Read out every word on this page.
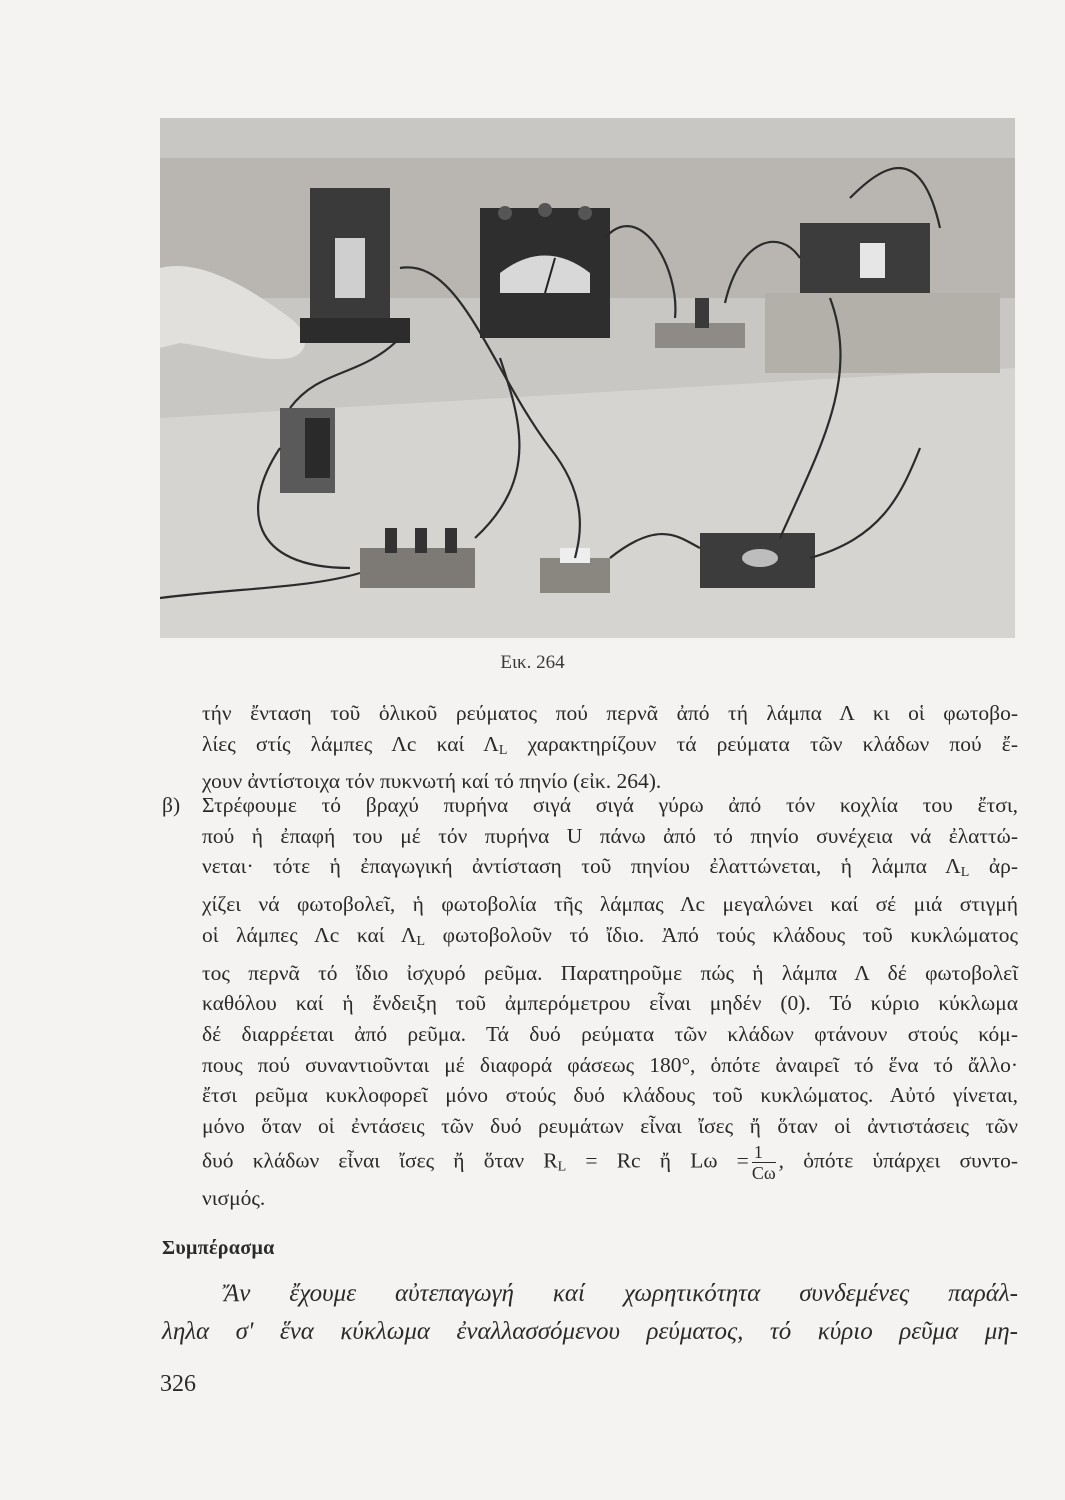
Εικ. 264
τήν ἔνταση τοῦ ὁλικοῦ ρεύματος πού περνᾶ ἀπό τή λάμπα Λ κι οἱ φωτοβο-
λίες στίς λάμπες Λc καί $\Lambda_L$ χαρακτηρίζουν τά ρεύματα τῶν κλάδων πού ἔ-
χουν ἀντίστοιχα τόν πυκνωτή καί τό πηνίο (εἰκ. 264).
β) Στρέφουμε τό βραχύ πυρήνα σιγά σιγά γύρω ἀπό τόν κοχλία του ἔτσι,
πού ἡ ἐπαφή του μέ τόν πυρήνα U πάνω ἀπό τό πηνίο συνέχεια νά ἐλαττώ-
νεται· τότε ἡ ἐπαγωγική ἀντίσταση τοῦ πηνίου ἐλαττώνεται, ἡ λάμπα $\Lambda_L$ ἀρ-
χίζει νά φωτοβολεῖ, ἡ φωτοβολία τῆς λάμπας Λc μεγαλώνει καί σέ μιά στιγμή
οἱ λάμπες Λc καί $\Lambda_L$ φωτοβολοῦν τό ἴδιο. Ἀπό τούς κλάδους τοῦ κυκλώματος
τος περνᾶ τό ἴδιο ἰσχυρό ρεῦμα. Παρατηροῦμε πώς ἡ λάμπα Λ δέ φωτοβολεῖ
καθόλου καί ἡ ἔνδειξη τοῦ ἀμπερόμετρου εἶναι μηδέν (0). Τό κύριο κύκλωμα
δέ διαρρέεται ἀπό ρεῦμα. Τά δυό ρεύματα τῶν κλάδων φτάνουν στούς κόμ-
πους πού συναντιοῦνται μέ διαφορά φάσεως 180°, ὁπότε ἀναιρεῖ τό ἕνα τό ἄλλο·
ἔτσι ρεῦμα κυκλοφορεῖ μόνο στούς δυό κλάδους τοῦ κυκλώματος. Αὐτό γίνεται,
μόνο ὅταν οἱ ἐντάσεις τῶν δυό ρευμάτων εἶναι ἴσες ἤ ὅταν οἱ ἀντιστάσεις τῶν
δυό κλάδων εἶναι ἴσες ἤ ὅταν $R_L = Rc$ ἤ $L\omega = \frac{1}{C\omega}$ , ὁπότε ὑπάρχει συντο-
νισμός.
Συμπέρασμα
Ἄν ἔχουμε αὐτεπαγωγή καί χωρητικότητα συνδεμένες παράλ-
ληλα σ' ἕνα κύκλωμα ἐναλλασσόμενου ρεύματος, τό κύριο ρεῦμα μη-
326
